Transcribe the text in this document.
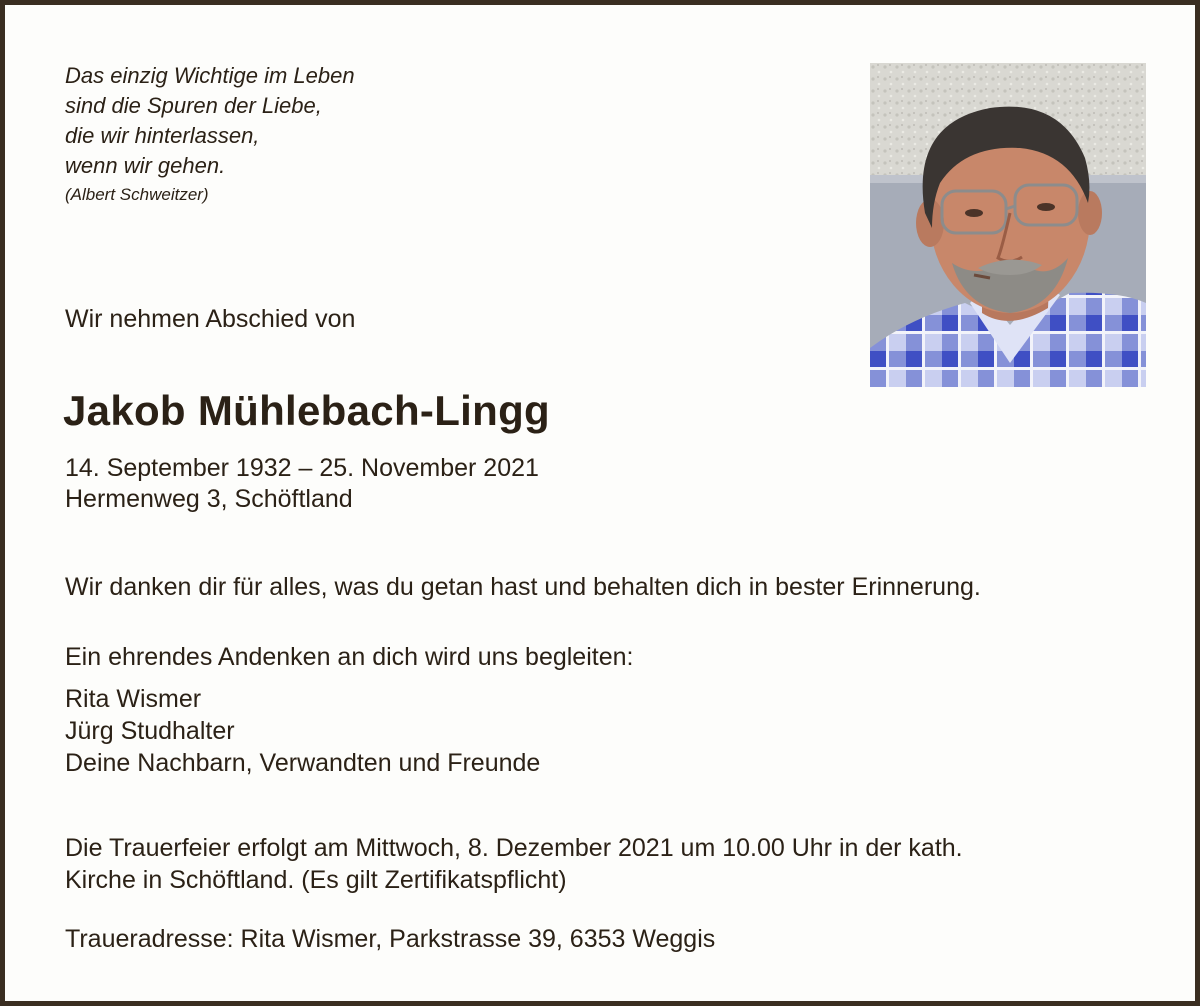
Das einzig Wichtige im Leben
sind die Spuren der Liebe,
die wir hinterlassen,
wenn wir gehen.
(Albert Schweitzer)
Wir nehmen Abschied von
Jakob Mühlebach-Lingg
14. September 1932 – 25. November 2021
Hermenweg 3, Schöftland
Wir danken dir für alles, was du getan hast und behalten dich in bester Erinnerung.
Ein ehrendes Andenken an dich wird uns begleiten:
Rita Wismer
Jürg Studhalter
Deine Nachbarn, Verwandten und Freunde
Die Trauerfeier erfolgt am Mittwoch, 8. Dezember 2021 um 10.00 Uhr in der kath.
Kirche in Schöftland. (Es gilt Zertifikatspflicht)
Traueradresse: Rita Wismer, Parkstrasse 39, 6353 Weggis
